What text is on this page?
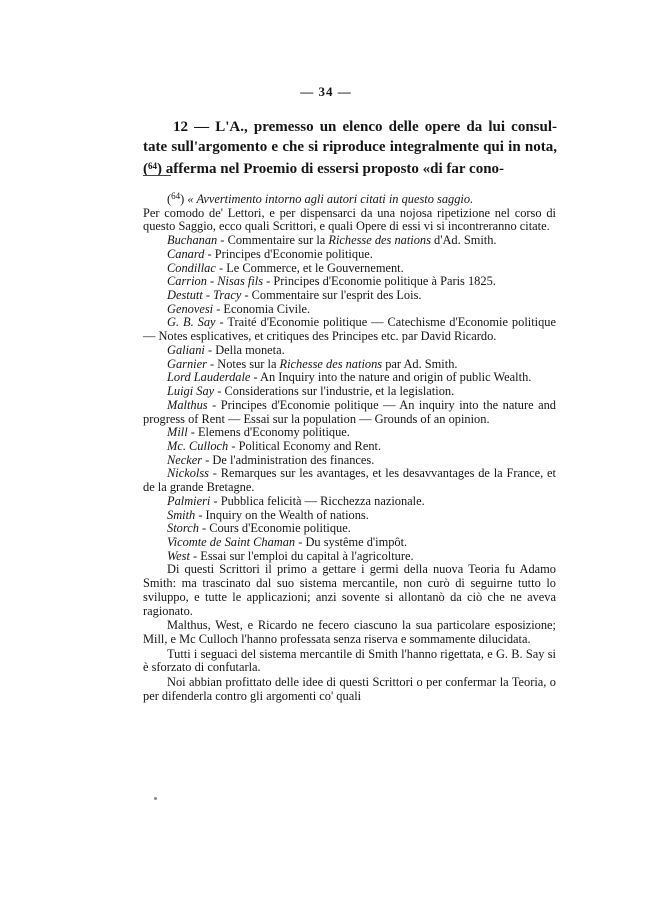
— 34 —
12 — L'A., premesso un elenco delle opere da lui consul- tate sull'argomento e che si riproduce integralmente qui in nota, ($^{64}$) afferma nel Proemio di essersi proposto «di far cono-

($^{64}$) « Avvertimento intorno agli autori citati in questo saggio.

Per comodo de' Lettori, e per dispensarci da una nojosa ripetizione nel corso di questo Saggio, ecco quali Scrittori, e quali Opere di essi vi si incontreranno citate.

Buchanan - Commentaire sur la Richesse des nations d'Ad. Smith.

Canard - Principes d'Economie politique.

Condillac - Le Commerce, et le Gouvernement.

Carrion - Nisas fils - Principes d'Economie politique à Paris 1825.

Destutt - Tracy - Commentaire sur l'esprit des Lois.

Genovesi - Economia Civile.

G. B. Say - Traité d'Economie politique — Catechisme d'Economie politique — Notes esplicatives, et critiques des Principes etc. par David Ricardo.

Galiani - Della moneta.

Garnier - Notes sur la Richesse des nations par Ad. Smith.

Lord Lauderdale - An Inquiry into the nature and origin of public Wealth.

Luigi Say - Considerations sur l'industrie, et la legislation.

Malthus - Principes d'Economie politique — An inquiry into the nature and progress of Rent — Essai sur la population — Grounds of an opinion.

Mill - Elemens d'Economy politique.

Mc. Culloch - Political Economy and Rent.

Necker - De l'administration des finances.

Nickolss - Remarques sur les avantages, et les desavvantages de la France, et de la grande Bretagne.

Palmieri - Pubblica felicità — Ricchezza nazionale.

Smith - Inquiry on the Wealth of nations.

Storch - Cours d'Economie politique.

Vicomte de Saint Chaman - Du systême d'impôt.

West - Essai sur l'emploi du capital à l'agricolture.

Di questi Scrittori il primo a gettare i germi della nuova Teoria fu Adamo Smith: ma trascinato dal suo sistema mercantile, non curò di seguirne tutto lo sviluppo, e tutte le applicazioni; anzi sovente si allontanò da ciò che ne aveva ragionato.

Malthus, West, e Ricardo ne fecero ciascuno la sua particolare esposizione; Mill, e Mc Culloch l'hanno professata senza riserva e sommamente dilucidata.

Tutti i seguaci del sistema mercantile di Smith l'hanno rigettata, e G. B. Say si è sforzato di confutarla.

Noi abbian profittato delle idee di questi Scrittori o per confermar la Teoria, o per difenderla contro gli argomenti co' quali
